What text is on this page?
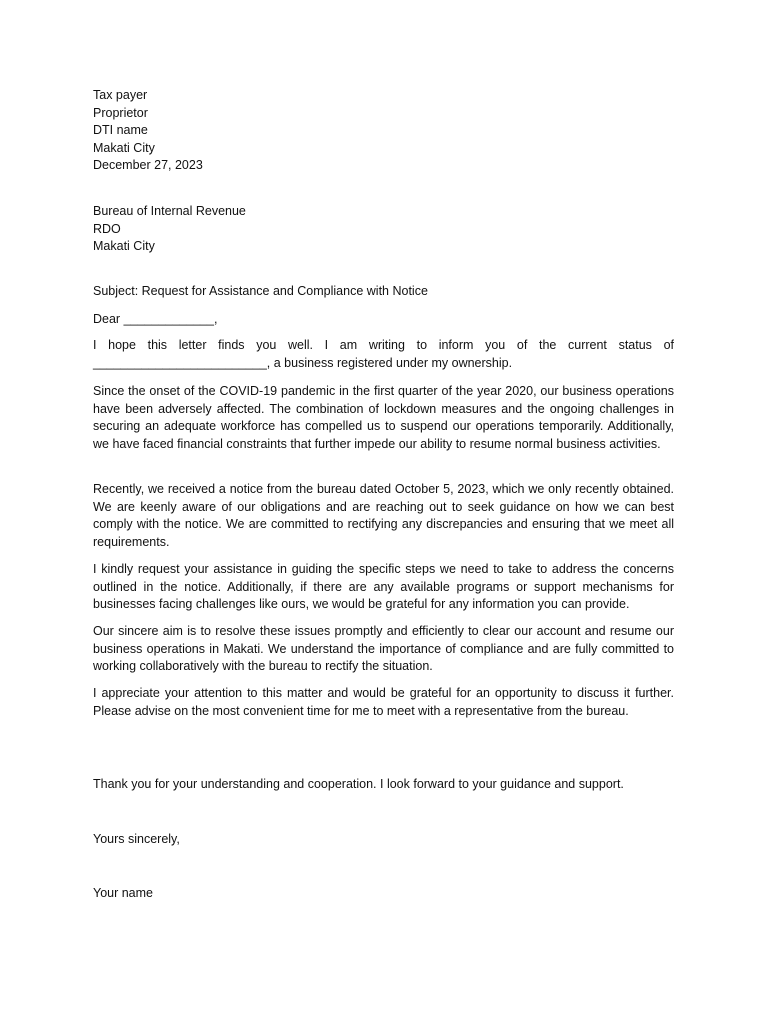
Tax payer
Proprietor
DTI name
Makati City
December 27, 2023
Bureau of Internal Revenue
RDO
Makati City
Subject: Request for Assistance and Compliance with Notice
Dear _____________,
I hope this letter finds you well. I am writing to inform you of the current status of _________________________, a business registered under my ownership.
Since the onset of the COVID-19 pandemic in the first quarter of the year 2020, our business operations have been adversely affected. The combination of lockdown measures and the ongoing challenges in securing an adequate workforce has compelled us to suspend our operations temporarily. Additionally, we have faced financial constraints that further impede our ability to resume normal business activities.
Recently, we received a notice from the bureau dated October 5, 2023, which we only recently obtained. We are keenly aware of our obligations and are reaching out to seek guidance on how we can best comply with the notice. We are committed to rectifying any discrepancies and ensuring that we meet all requirements.
I kindly request your assistance in guiding the specific steps we need to take to address the concerns outlined in the notice. Additionally, if there are any available programs or support mechanisms for businesses facing challenges like ours, we would be grateful for any information you can provide.
Our sincere aim is to resolve these issues promptly and efficiently to clear our account and resume our business operations in Makati. We understand the importance of compliance and are fully committed to working collaboratively with the bureau to rectify the situation.
I appreciate your attention to this matter and would be grateful for an opportunity to discuss it further. Please advise on the most convenient time for me to meet with a representative from the bureau.
Thank you for your understanding and cooperation. I look forward to your guidance and support.
Yours sincerely,
Your name
